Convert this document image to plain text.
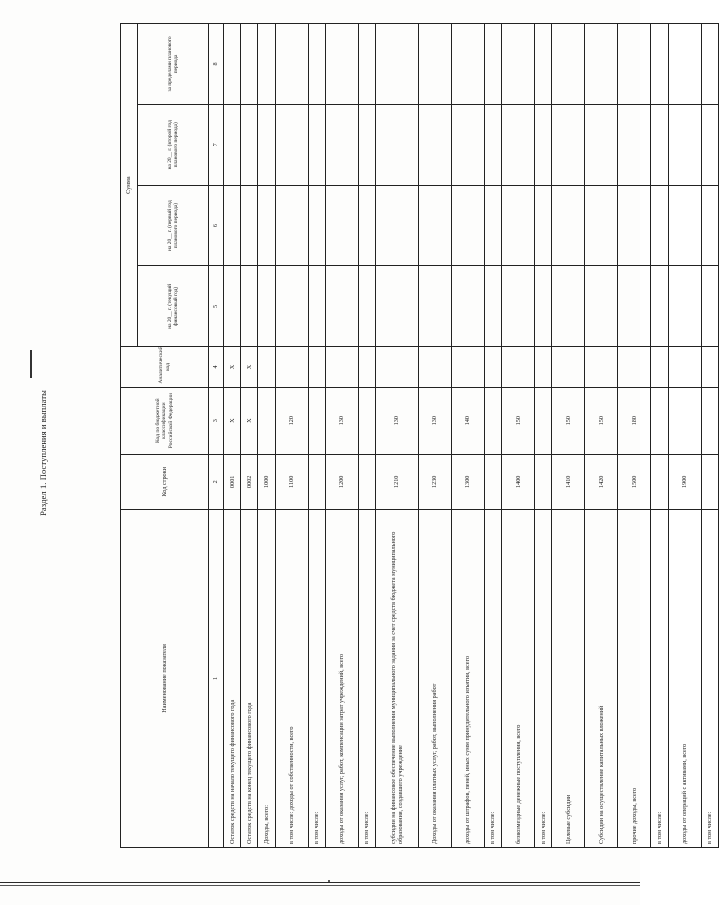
Раздел 1. Поступления и выплаты
Наименование показателя	Код строки	Код по бюджетной классификации Российской Федерации	Аналитический код	Сумма			
				на 20__ г. (текущий финансовый год)	на 20__ г. (первый год планового периода)	на 20__ г. (второй год планового периода)	за пределами планового периода
1	2	3	4	5	6	7	8
Остаток средств на начало текущего финансового года	0001	Х	Х				
Остаток средств на конец текущего финансового года	0002	Х	Х				
Доходы, всего:	1000						
в том числе: доходы от собственности, всего	1100	120					
в том числе:							
доходы от оказания услуг, работ, компенсации затрат учреждений, всего	1200	130					
в том числе:							
субсидии на финансовое обеспечение выполнения муниципального задания за счет средств бюджета муниципального образования, создавшего учреждение	1210	130					
Доходы от оказания платных услуг, работ, выполнения работ	1230	130					
доходы от штрафов, пеней, иных сумм принудительного изъятия, всего	1300	140					
в том числе:							
безвозмездные денежные поступления, всего	1400	150					
в том числе:							
Целевые субсидии	1410	150					
Субсидии на осуществление капитальных вложений	1420	150					
прочие доходы, всего	1500	180					
в том числе:							
доходы от операций с активами, всего	1900						
в том числе:							
